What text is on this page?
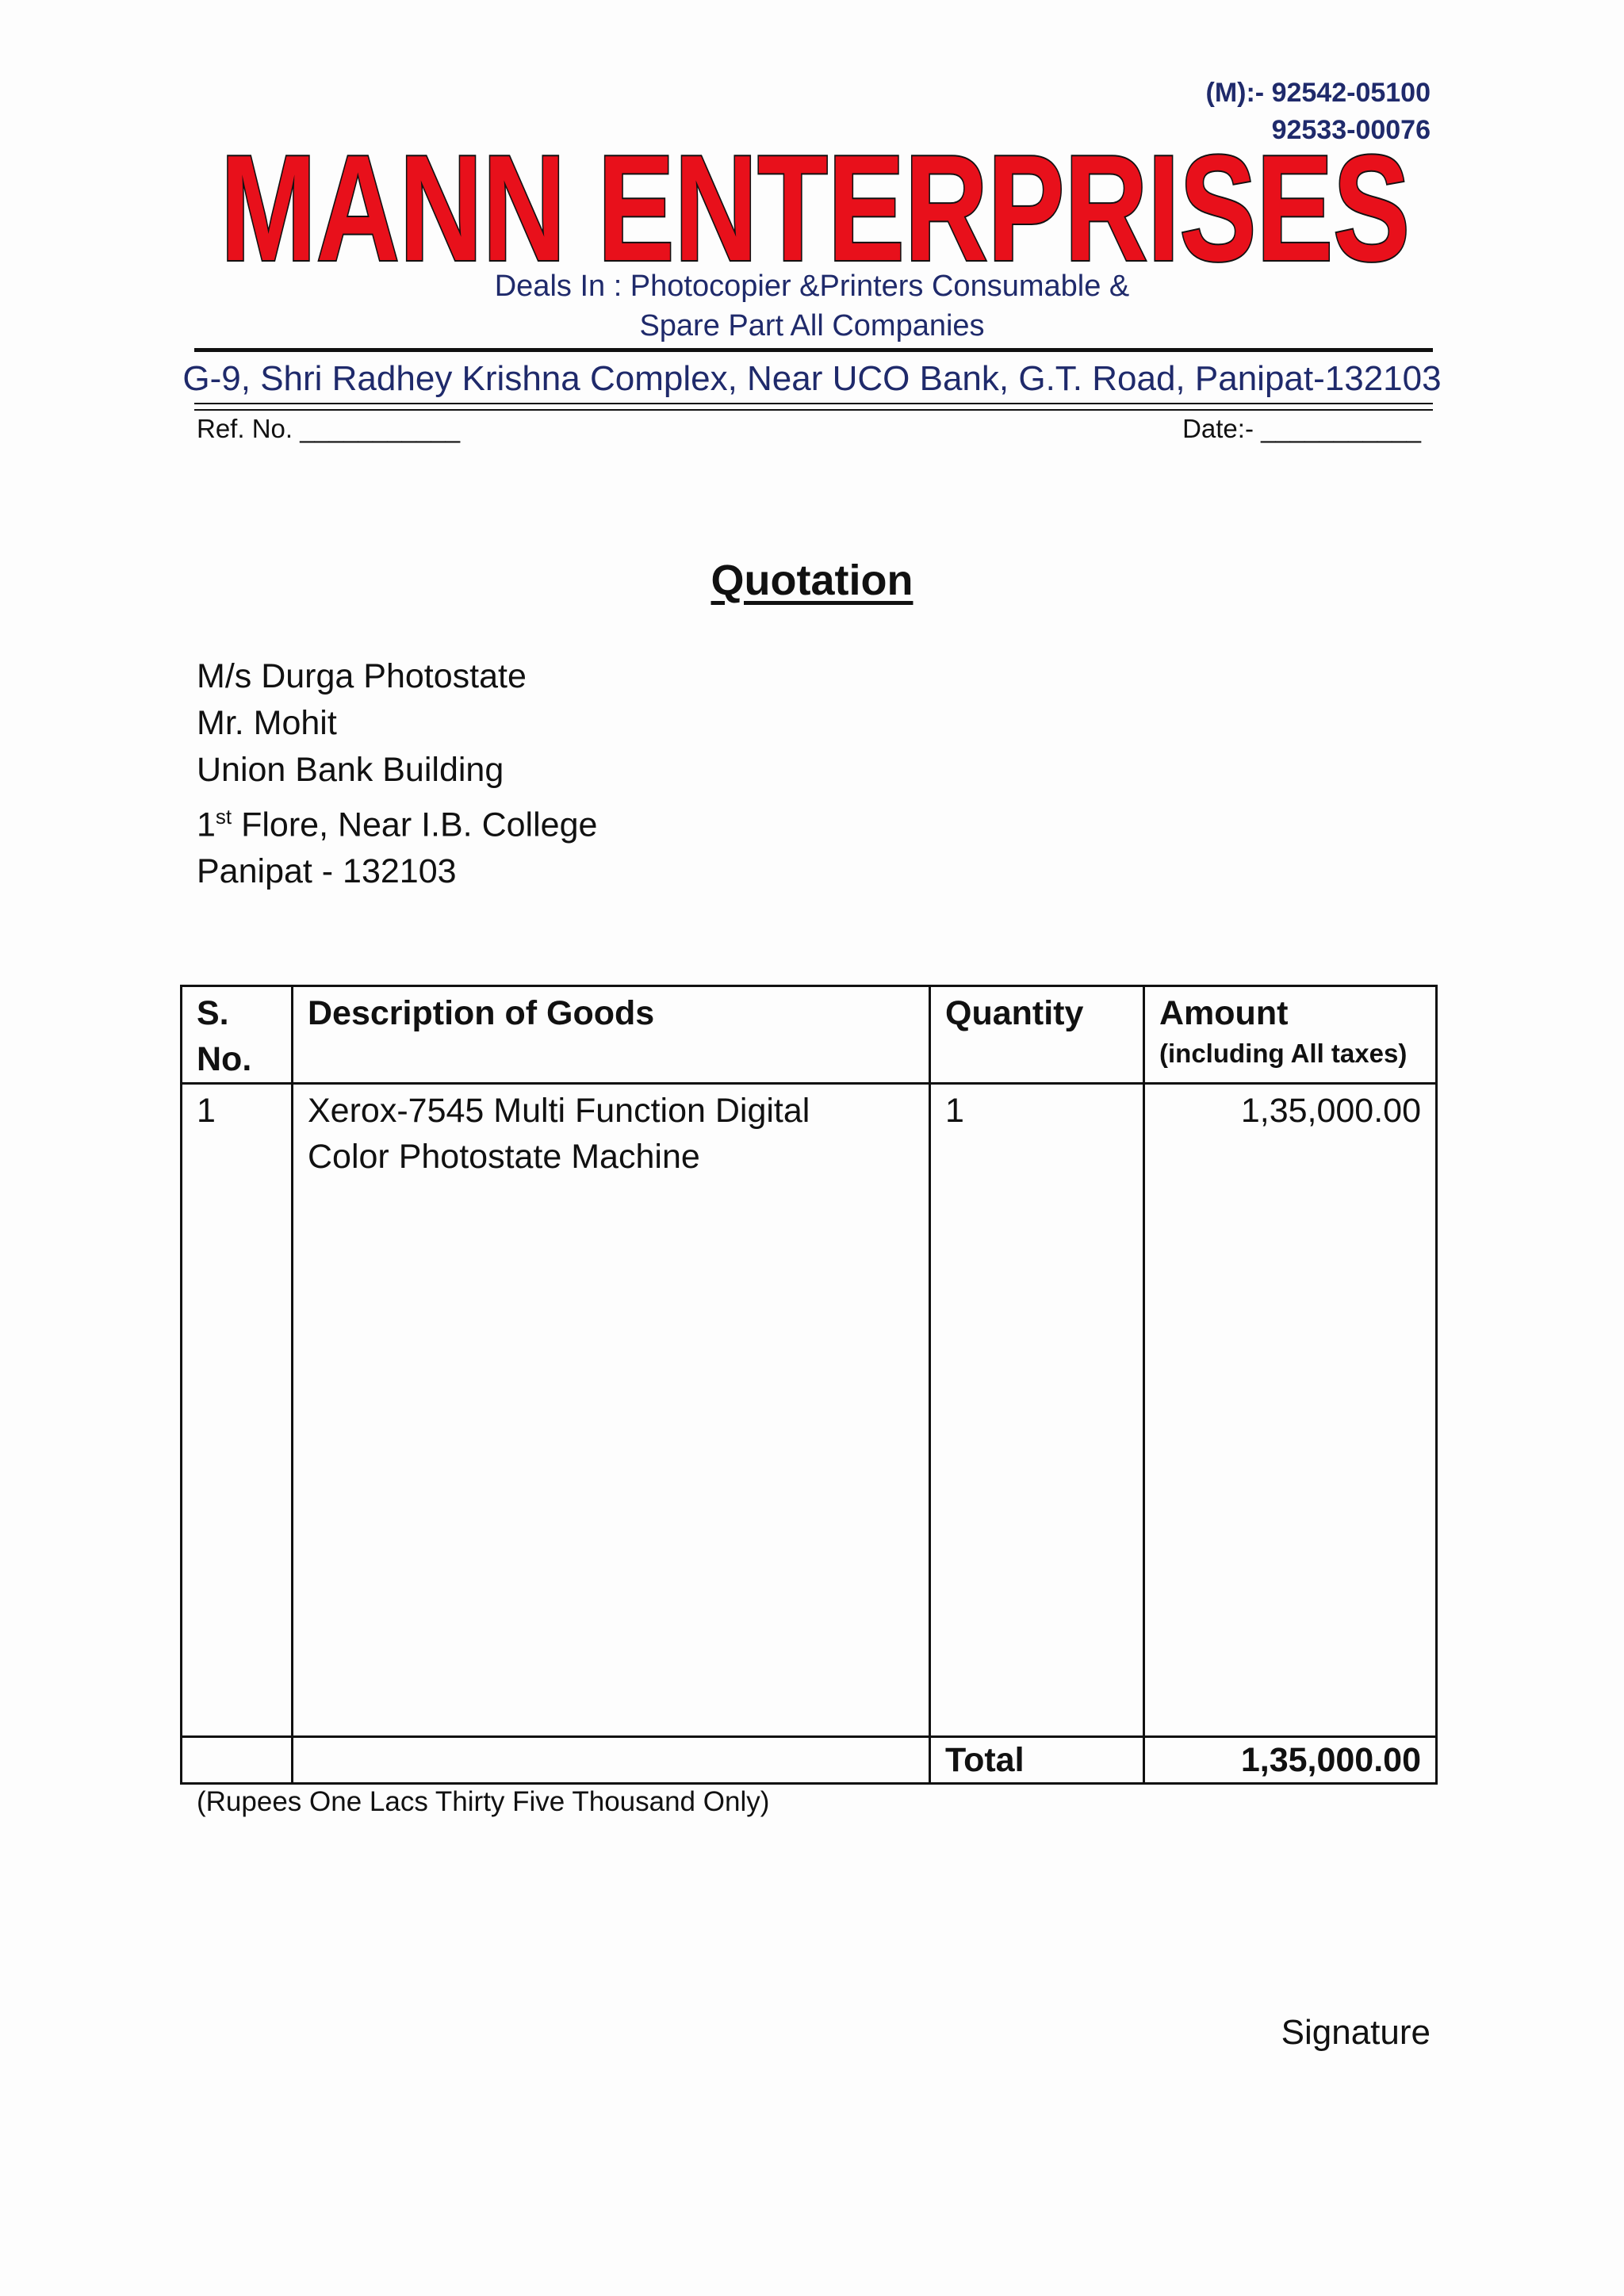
(M):- 92542-05100
92533-00076
MANN ENTERPRISES
Deals In : Photocopier &Printers Consumable &
Spare Part All Companies
G-9, Shri Radhey Krishna Complex, Near UCO Bank, G.T. Road, Panipat-132103
Ref. No. ___________	Date:- ___________
Quotation
M/s Durga Photostate
Mr. Mohit
Union Bank Building
1st Flore, Near I.B. College
Panipat - 132103
S.
No.	Description of Goods	Quantity	Amount
(including All taxes)

1	Xerox-7545 Multi Function Digital
Color Photostate Machine	1	1,35,000.00
		Total	1,35,000.00
(Rupees One Lacs Thirty Five Thousand Only)
Signature
